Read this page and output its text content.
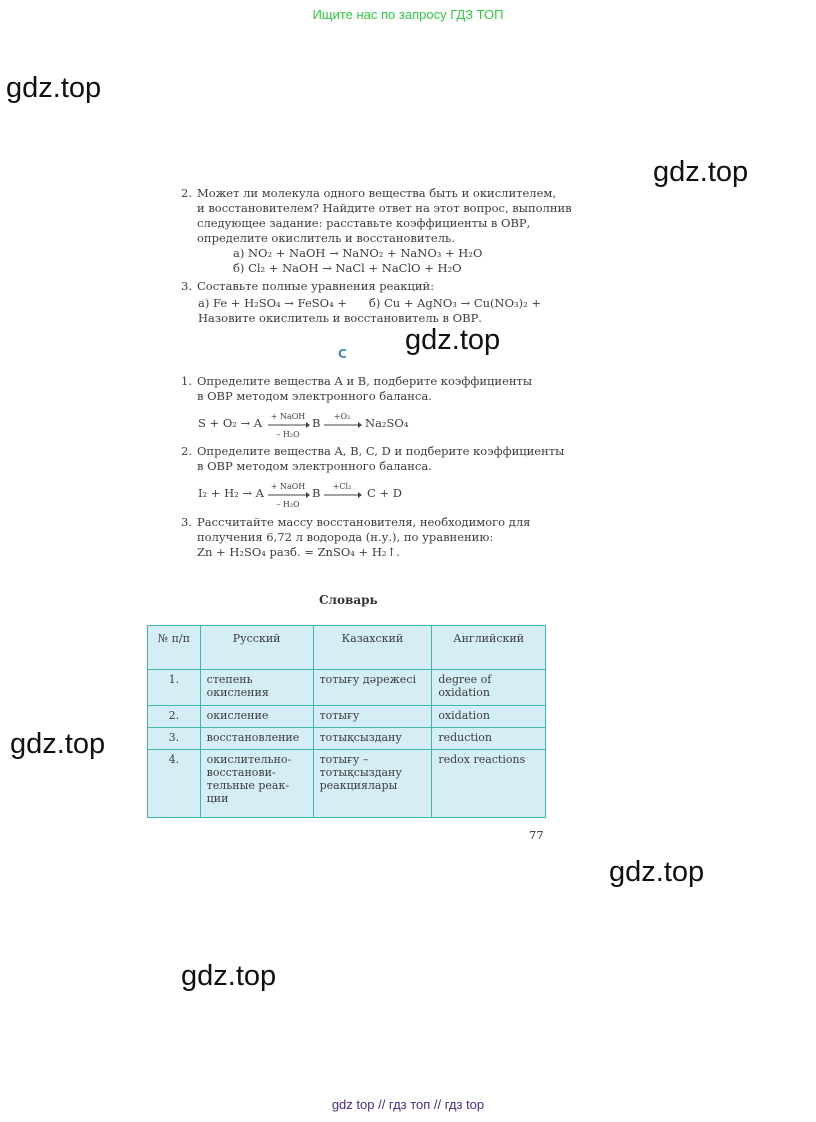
Ищите нас по запросу ГДЗ ТОП
gdz.top
gdz.top
gdz.top
gdz.top
gdz.top
gdz.top
2. Может ли молекула одного вещества быть и окислителем,
и восстановителем? Найдите ответ на этот вопрос, выполнив
следующее задание: расставьте коэффициенты в ОВР,
определите окислитель и восстановитель.
а) NO₂ + NaOH → NaNO₂ + NaNO₃ + H₂O
б) Cl₂ + NaOH → NaCl + NaClO + H₂O
3. Составьте полные уравнения реакций:
а) Fe + H₂SO₄ → FeSO₄ +      б) Cu + AgNO₃ → Cu(NO₃)₂ +
Назовите окислитель и восстановитель в ОВР.
С
1. Определите вещества A и B, подберите коэффициенты
в ОВР методом электронного баланса.
S + O₂ → A	+ NaOH
– H₂O
B	+O₂	Na₂SO₄
2. Определите вещества A, B, C, D и подберите коэффициенты
в ОВР методом электронного баланса.
I₂ + H₂ → A + NaOH
– H₂O
B	+Cl₂	C + D
3. Рассчитайте массу восстановителя, необходимого для
получения 6,72 л водорода (н.у.), по уравнению:
Zn + H₂SO₄ разб. = ZnSO₄ + H₂↑.
Словарь
№ п/п	Русский	Казахский	Английский
1.	степень окисления	тотығу дәрежесі	degree of oxidation
2.	окисление	тотығу	oxidation
3.	восстановление	тотықсыздану	reduction
4.	окислительно-восстанови-тельные реак-ции	тотығу – тотықсыздану реакциялары	redox reactions
77
gdz top // гдз топ // гдз top
